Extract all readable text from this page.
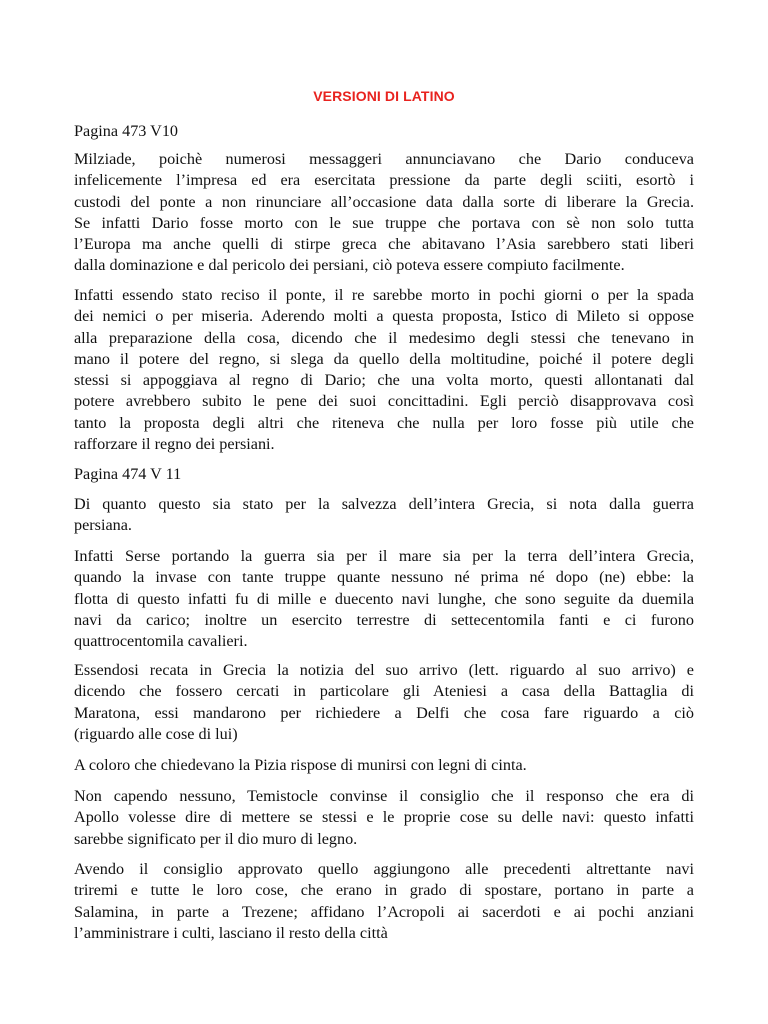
VERSIONI DI LATINO
Pagina 473 V10
Milziade, poichè numerosi messaggeri annunciavano che Dario conduceva
infelicemente l’impresa ed era esercitata pressione da parte degli sciiti, esortò i
custodi del ponte a non rinunciare all’occasione data dalla sorte di liberare la Grecia.
Se infatti Dario fosse morto con le sue truppe che portava con sè non solo tutta
l’Europa ma anche quelli di stirpe greca che abitavano l’Asia sarebbero stati liberi
dalla dominazione e dal pericolo dei persiani, ciò poteva essere compiuto facilmente.
Infatti essendo stato reciso il ponte, il re sarebbe morto in pochi giorni o per la spada
dei nemici o per miseria. Aderendo molti a questa proposta, Istico di Mileto si oppose
alla preparazione della cosa, dicendo che il medesimo degli stessi che tenevano in
mano il potere del regno, si slega da quello della moltitudine, poiché il potere degli
stessi si appoggiava al regno di Dario; che una volta morto, questi allontanati dal
potere avrebbero subito le pene dei suoi concittadini. Egli perciò disapprovava così
tanto la proposta degli altri che riteneva che nulla per loro fosse più utile che
rafforzare il regno dei persiani.
Pagina 474 V 11
Di quanto questo sia stato per la salvezza dell’intera Grecia, si nota dalla guerra
persiana.
Infatti Serse portando la guerra sia per il mare sia per la terra dell’intera Grecia,
quando la invase con tante truppe quante nessuno né prima né dopo (ne) ebbe: la
flotta di questo infatti fu di mille e duecento navi lunghe, che sono seguite da duemila
navi da carico; inoltre un esercito terrestre di settecentomila fanti e ci furono
quattrocentomila cavalieri.
Essendosi recata in Grecia la notizia del suo arrivo (lett. riguardo al suo arrivo) e
dicendo che fossero cercati in particolare gli Ateniesi a casa della Battaglia di
Maratona, essi mandarono per richiedere a Delfi che cosa fare riguardo a ciò
(riguardo alle cose di lui)
A coloro che chiedevano la Pizia rispose di munirsi con legni di cinta.
Non capendo nessuno, Temistocle convinse il consiglio che il responso che era di
Apollo volesse dire di mettere se stessi e le proprie cose su delle navi: questo infatti
sarebbe significato per il dio muro di legno.
Avendo il consiglio approvato quello aggiungono alle precedenti altrettante navi
triremi e tutte le loro cose, che erano in grado di spostare, portano in parte a
Salamina, in parte a Trezene; affidano l’Acropoli ai sacerdoti e ai pochi anziani
l’amministrare i culti, lasciano il resto della città
